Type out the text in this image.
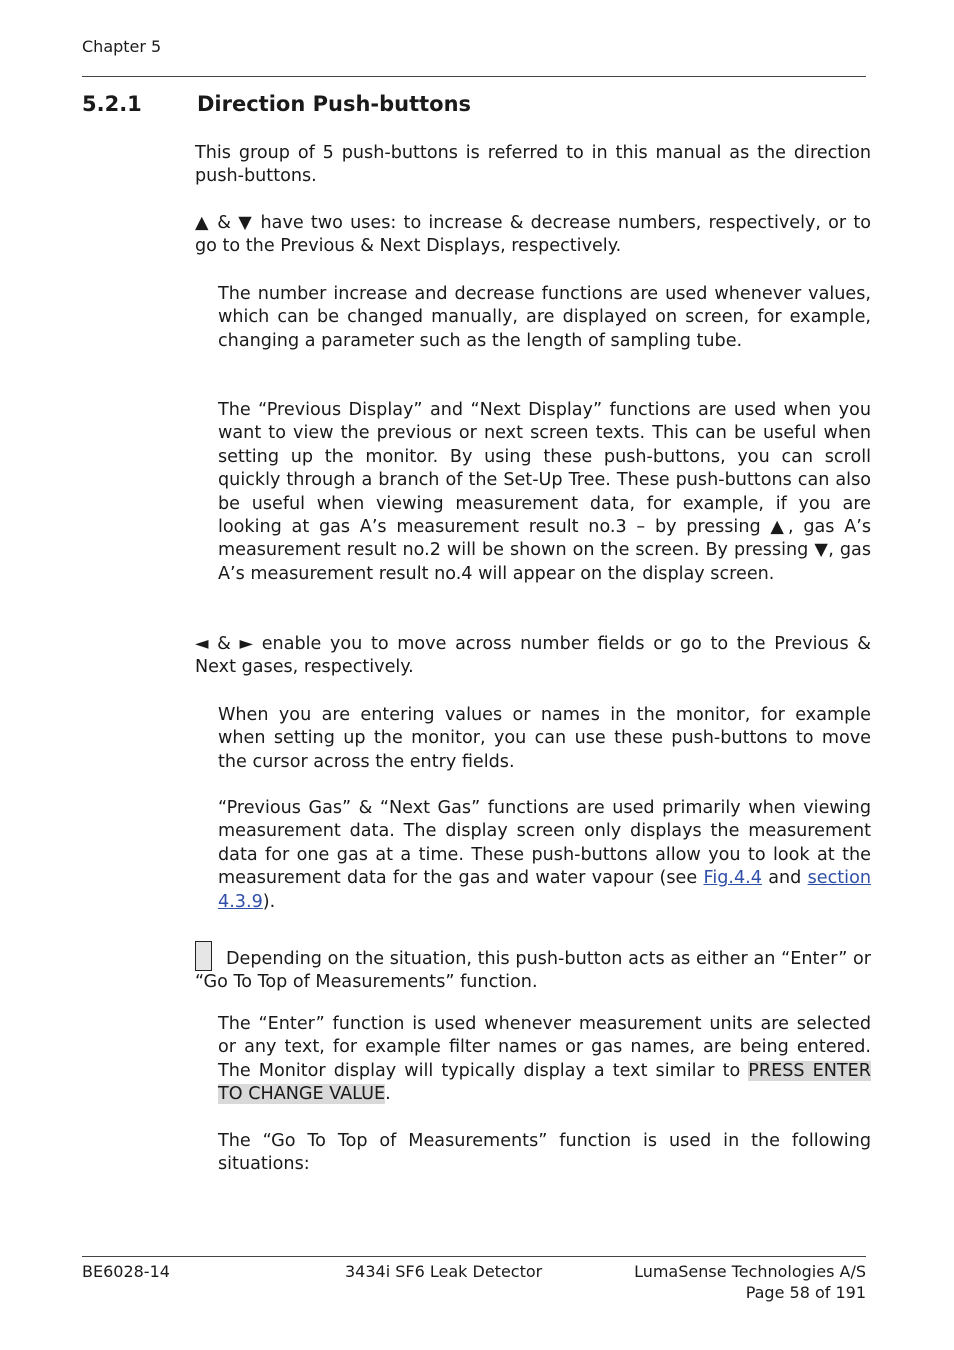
Chapter 5
5.2.1	Direction Push-buttons

This group of 5 push-buttons is referred to in this manual as the direction push-buttons.

▲ & ▼ have two uses: to increase & decrease numbers, respectively, or to go to the Previous & Next Displays, respectively.

The number increase and decrease functions are used whenever values, which can be changed manually, are displayed on screen, for example, changing a parameter such as the length of sampling tube.

The “Previous Display” and “Next Display” functions are used when you want to view the previous or next screen texts. This can be useful when setting up the monitor. By using these push-buttons, you can scroll quickly through a branch of the Set-Up Tree. These push-buttons can also be useful when viewing measurement data, for example, if you are looking at gas A’s measurement result no.3 – by pressing ▲, gas A’s measurement result no.2 will be shown on the screen. By pressing ▼, gas A’s measurement result no.4 will appear on the display screen.

◄ & ► enable you to move across number fields or go to the Previous & Next gases, respectively.

When you are entering values or names in the monitor, for example when setting up the monitor, you can use these push-buttons to move the cursor across the entry fields.

“Previous Gas” & “Next Gas” functions are used primarily when viewing measurement data. The display screen only displays the measurement data for one gas at a time. These push-buttons allow you to look at the measurement data for the gas and water vapour (see Fig.4.4 and section 4.3.9).

Depending on the situation, this push-button acts as either an “Enter” or “Go To Top of Measurements” function.

The “Enter” function is used whenever measurement units are selected or any text, for example filter names or gas names, are being entered. The Monitor display will typically display a text similar to PRESS ENTER TO CHANGE VALUE.

The “Go To Top of Measurements” function is used in the following situations:

BE6028-14	3434i SF6 Leak Detector	LumaSense Technologies A/S
Page 58 of 191
